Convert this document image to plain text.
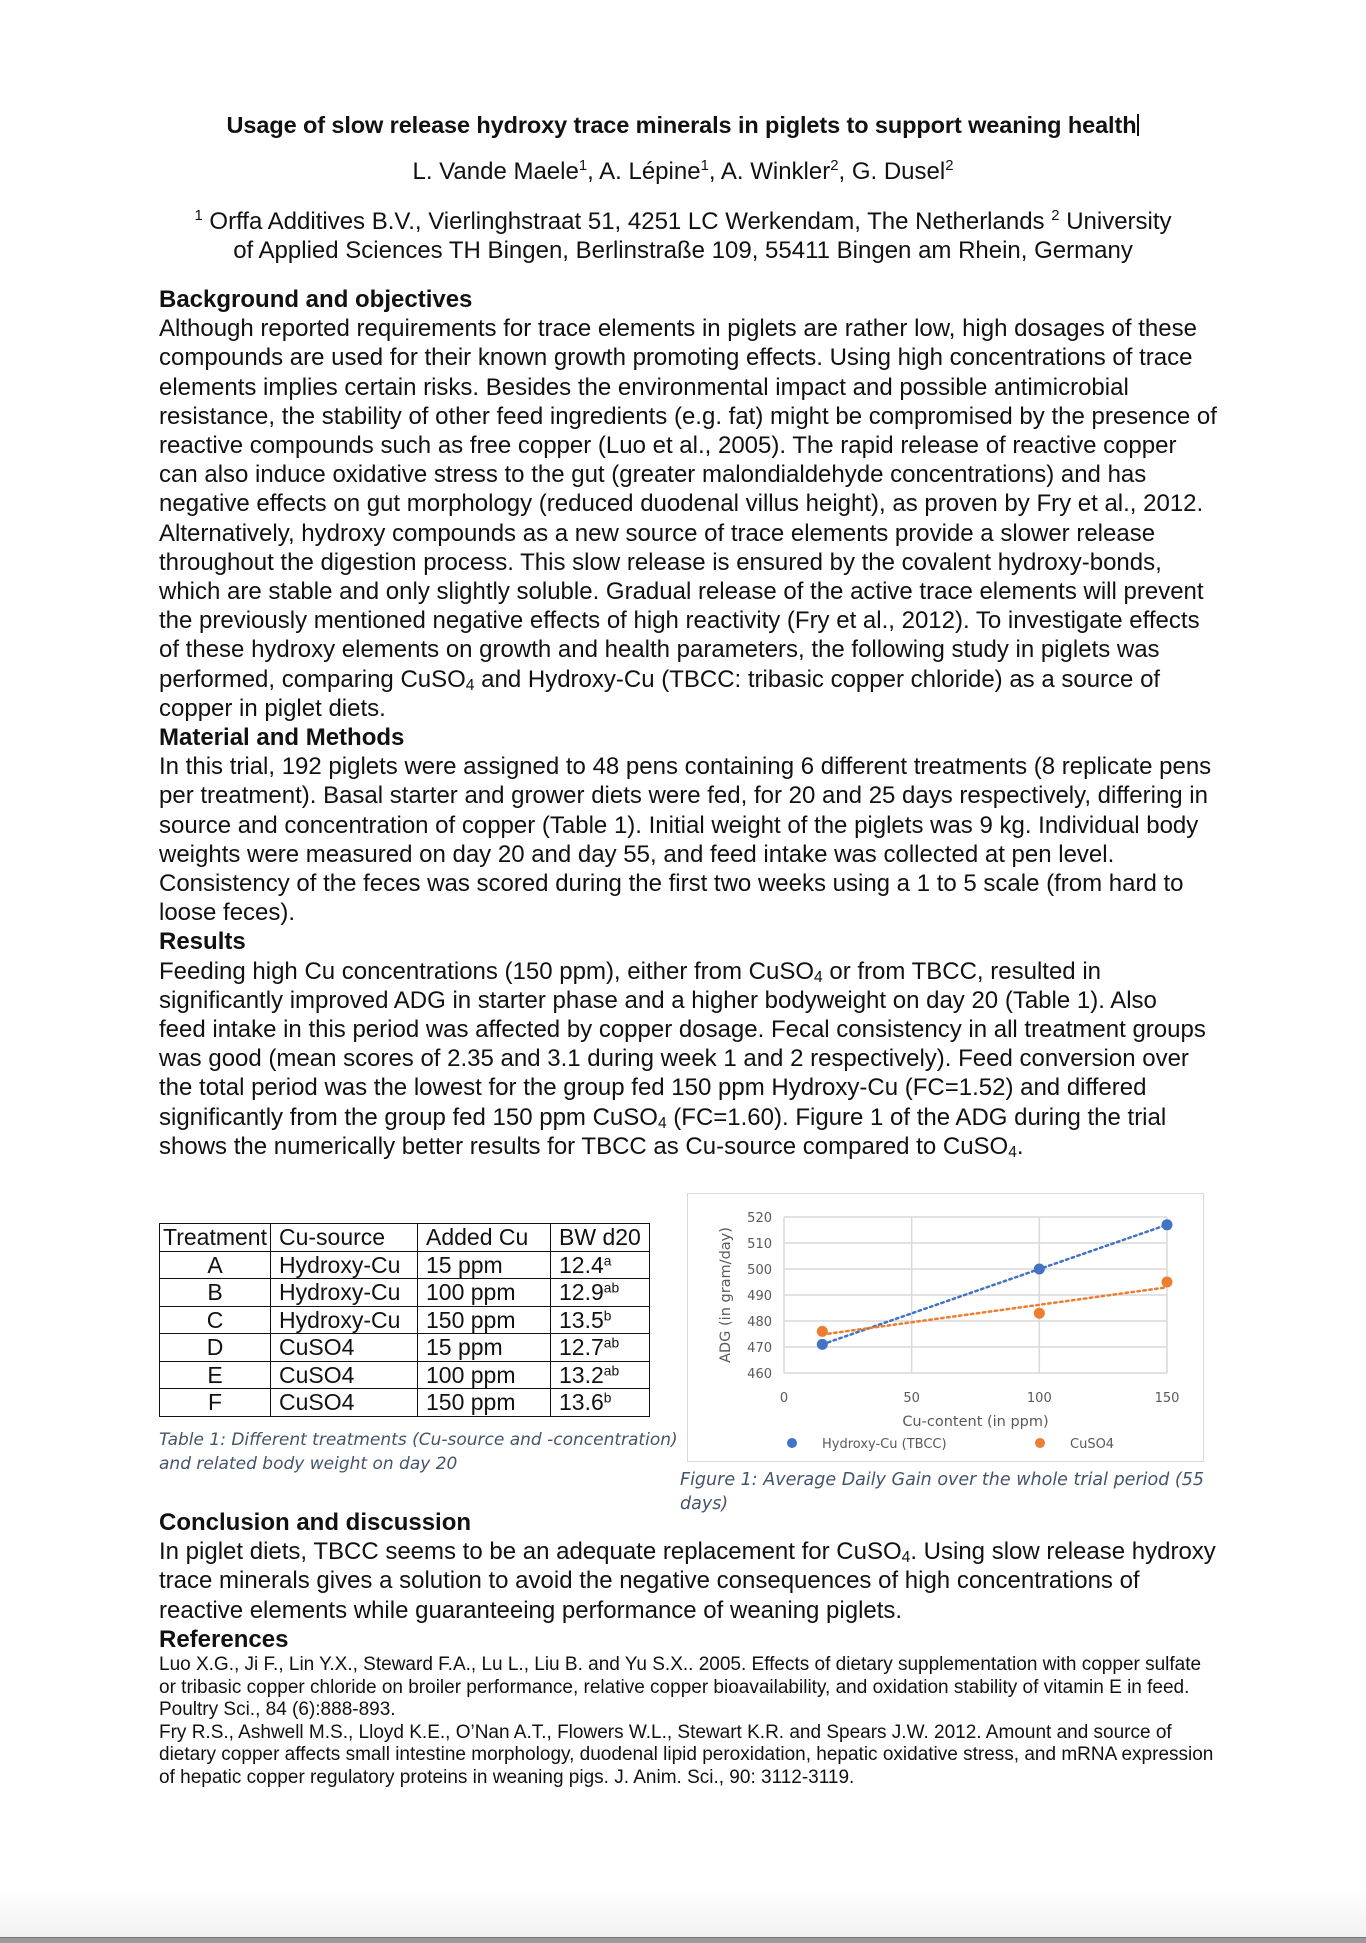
Usage of slow release hydroxy trace minerals in piglets to support weaning health
L. Vande Maele$^1$, A. Lépine$^1$, A. Winkler$^2$, G. Dusel$^2$
$^1$ Orffa Additives B.V., Vierlinghstraat 51, 4251 LC Werkendam, The Netherlands $^2$ University
of Applied Sciences TH Bingen, Berlinstraße 109, 55411 Bingen am Rhein, Germany
Background and objectives

Although reported requirements for trace elements in piglets are rather low, high dosages of these compounds are used for their known growth promoting effects. Using high concentrations of trace elements implies certain risks. Besides the environmental impact and possible antimicrobial resistance, the stability of other feed ingredients (e.g. fat) might be compromised by the presence of reactive compounds such as free copper (Luo et al., 2005). The rapid release of reactive copper can also induce oxidative stress to the gut (greater malondialdehyde concentrations) and has negative effects on gut morphology (reduced duodenal villus height), as proven by Fry et al., 2012. Alternatively, hydroxy compounds as a new source of trace elements provide a slower release throughout the digestion process. This slow release is ensured by the covalent hydroxy-bonds, which are stable and only slightly soluble. Gradual release of the active trace elements will prevent the previously mentioned negative effects of high reactivity (Fry et al., 2012). To investigate effects of these hydroxy elements on growth and health parameters, the following study in piglets was performed, comparing CuSO$_4$ and Hydroxy-Cu (TBCC: tribasic copper chloride) as a source of copper in piglet diets.

Material and Methods

In this trial, 192 piglets were assigned to 48 pens containing 6 different treatments (8 replicate pens per treatment). Basal starter and grower diets were fed, for 20 and 25 days respectively, differing in source and concentration of copper (Table 1). Initial weight of the piglets was 9 kg. Individual body weights were measured on day 20 and day 55, and feed intake was collected at pen level. Consistency of the feces was scored during the first two weeks using a 1 to 5 scale (from hard to loose feces).

Results

Feeding high Cu concentrations (150 ppm), either from CuSO$_4$ or from TBCC, resulted in significantly improved ADG in starter phase and a higher bodyweight on day 20 (Table 1). Also feed intake in this period was affected by copper dosage. Fecal consistency in all treatment groups was good (mean scores of 2.35 and 3.1 during week 1 and 2 respectively). Feed conversion over the total period was the lowest for the group fed 150 ppm Hydroxy-Cu (FC=1.52) and differed significantly from the group fed 150 ppm CuSO$_4$ (FC=1.60). Figure 1 of the ADG during the trial shows the numerically better results for TBCC as Cu-source compared to CuSO$_4$.

Treatment	Cu-source	Added Cu	BW d20
A	Hydroxy-Cu	15 ppm	12.4$^a$
B	Hydroxy-Cu	100 ppm	12.9$^{ab}$
C	Hydroxy-Cu	150 ppm	13.5$^b$
D	CuSO4	15 ppm	12.7$^{ab}$
E	CuSO4	100 ppm	13.2$^{ab}$
F	CuSO4	150 ppm	13.6$^b$
Table 1: Different treatments (Cu-source and -concentration) and related body weight on day 20
460
470
480
490
500
510
520
0	50	100	150
Cu-content (in ppm)
ADG (in gram/day)
Hydroxy-Cu (TBCC)	CuSO4
Figure 1: Average Daily Gain over the whole trial period (55 days)
Conclusion and discussion

In piglet diets, TBCC seems to be an adequate replacement for CuSO$_4$. Using slow release hydroxy trace minerals gives a solution to avoid the negative consequences of high concentrations of reactive elements while guaranteeing performance of weaning piglets.

References
Luo X.G., Ji F., Lin Y.X., Steward F.A., Lu L., Liu B. and Yu S.X.. 2005. Effects of dietary supplementation with copper sulfate or tribasic copper chloride on broiler performance, relative copper bioavailability, and oxidation stability of vitamin E in feed. Poultry Sci., 84 (6):888-893.
Fry R.S., Ashwell M.S., Lloyd K.E., O’Nan A.T., Flowers W.L., Stewart K.R. and Spears J.W. 2012. Amount and source of dietary copper affects small intestine morphology, duodenal lipid peroxidation, hepatic oxidative stress, and mRNA expression of hepatic copper regulatory proteins in weaning pigs. J. Anim. Sci., 90: 3112-3119.
